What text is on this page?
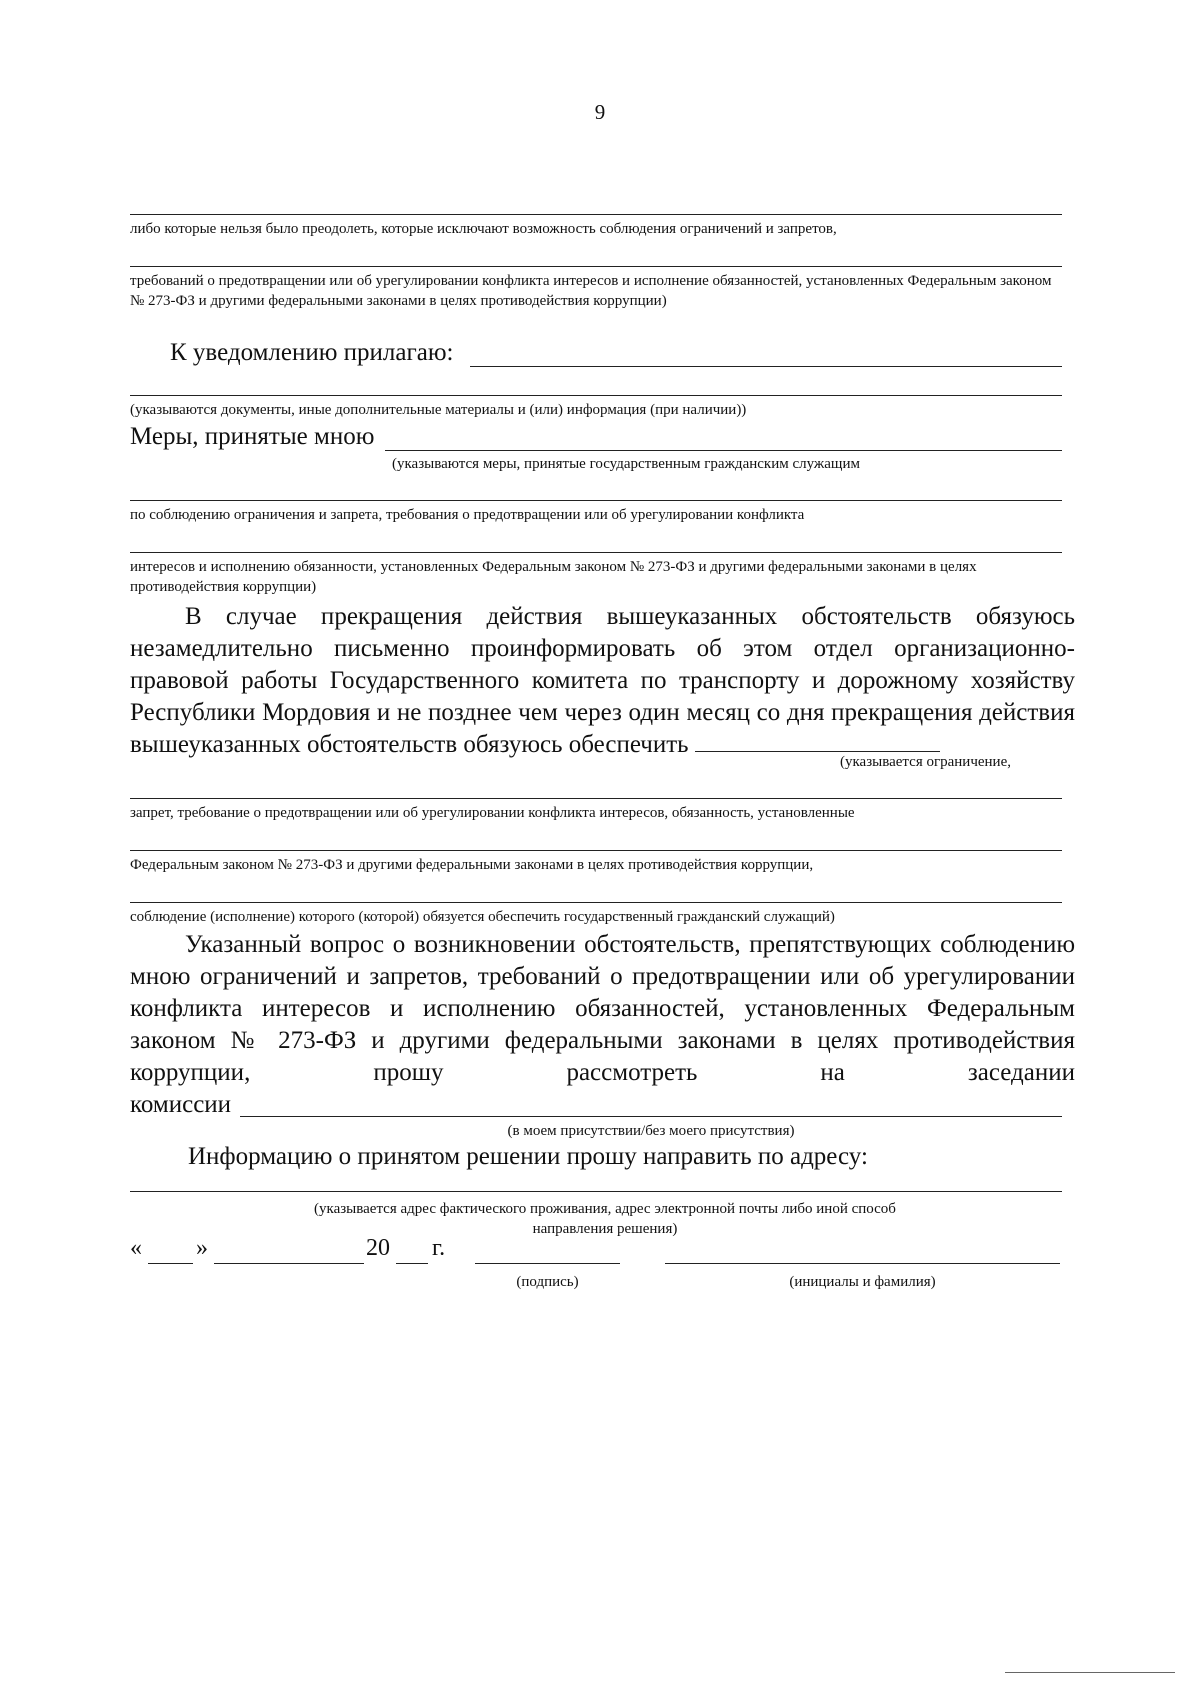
9
либо которые нельзя было преодолеть, которые исключают возможность соблюдения ограничений и запретов,
требований о предотвращении или об урегулировании конфликта интересов и исполнение обязанностей, установленных Федеральным законом № 273-ФЗ и другими федеральными законами в целях противодействия коррупции)
К уведомлению прилагаю:
(указываются документы, иные дополнительные материалы и (или) информация (при наличии))
Меры, принятые мною
(указываются меры, принятые государственным гражданским служащим
по соблюдению ограничения и запрета, требования о предотвращении или об урегулировании конфликта
интересов и исполнению обязанности, установленных Федеральным законом № 273-ФЗ и другими федеральными законами в целях противодействия коррупции)
В случае прекращения действия вышеуказанных обстоятельств обязуюсь незамедлительно письменно проинформировать об этом отдел организационно-правовой работы Государственного комитета по транспорту и дорожному хозяйству Республики Мордовия и не позднее чем через один месяц со дня прекращения действия вышеуказанных обстоятельств обязуюсь обеспечить
(указывается ограничение,
запрет, требование о предотвращении или об урегулировании конфликта интересов, обязанность, установленные
Федеральным законом № 273-ФЗ и другими федеральными законами в целях противодействия коррупции,
соблюдение (исполнение) которого (которой) обязуется обеспечить государственный гражданский служащий)
Указанный вопрос о возникновении обстоятельств, препятствующих соблюдению мною ограничений и запретов, требований о предотвращении или об урегулировании конфликта интересов и исполнению обязанностей, установленных Федеральным законом № 273-ФЗ и другими федеральными законами в целях противодействия коррупции, прошу рассмотреть на заседании
комиссии
(в моем присутствии/без моего присутствия)
Информацию о принятом решении прошу направить по адресу:
(указывается адрес фактического проживания, адрес электронной почты либо иной способ направления решения)
« »	20 г.
(подпись)	(инициалы и фамилия)
